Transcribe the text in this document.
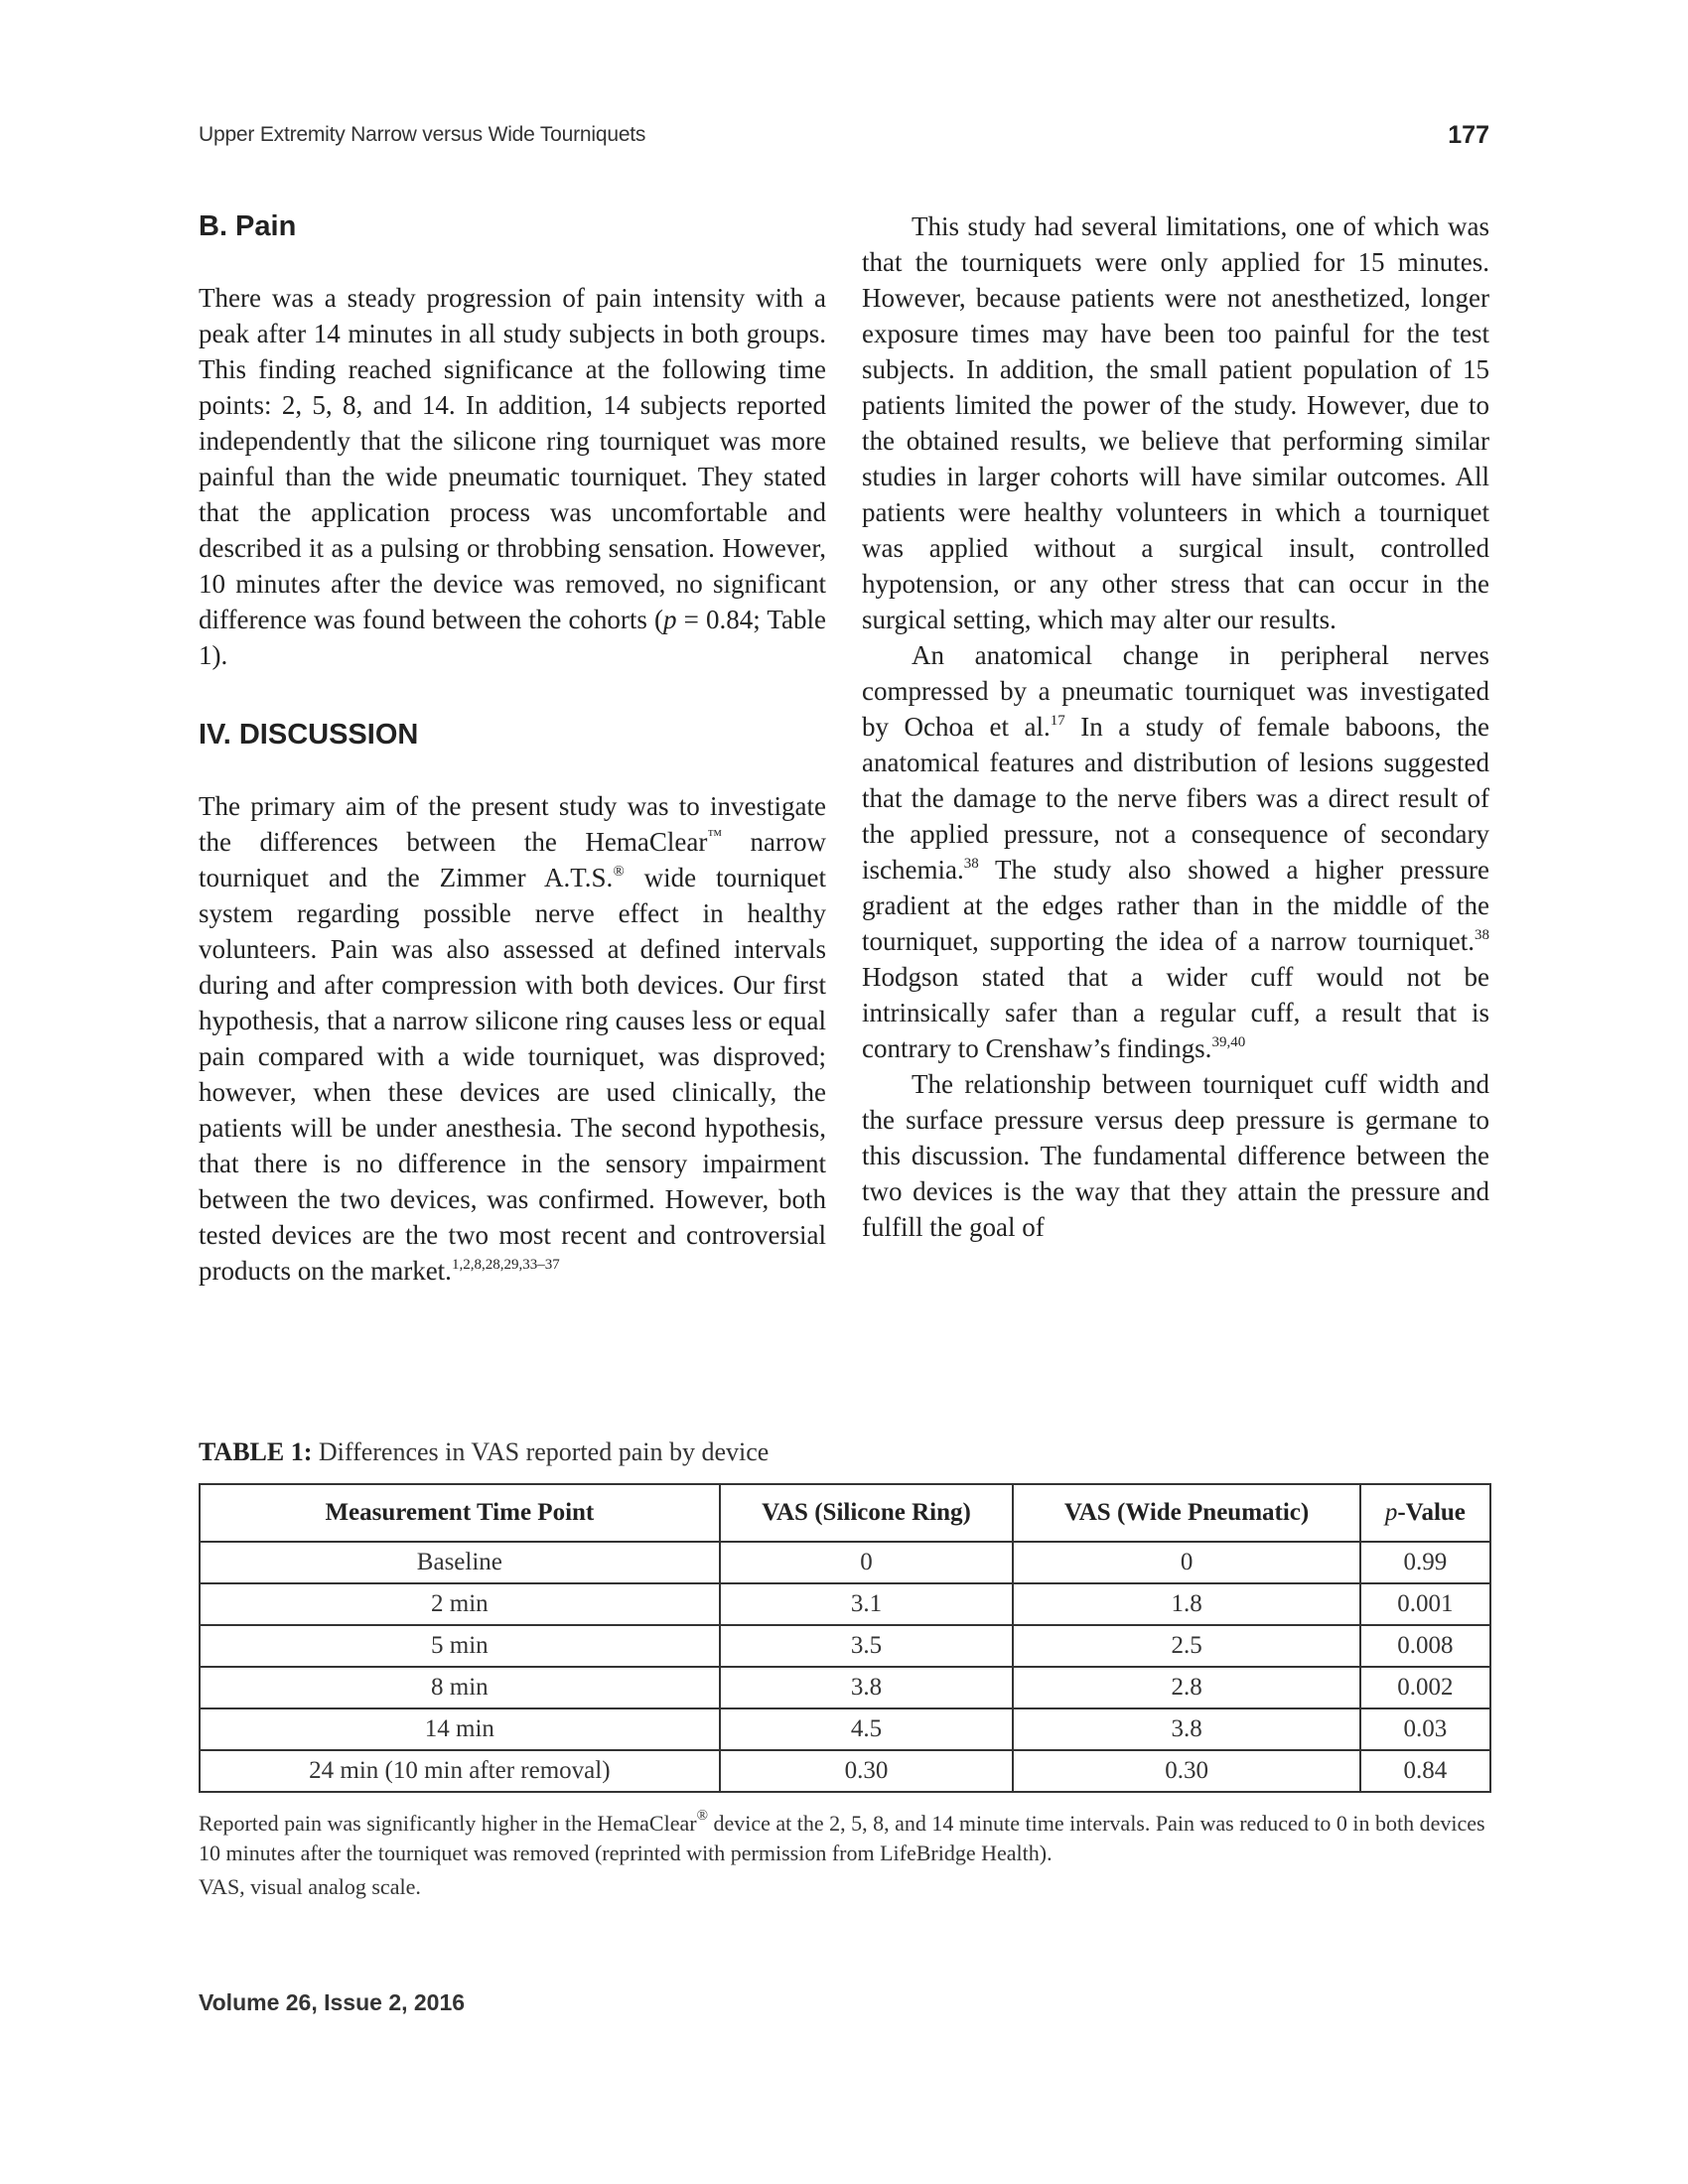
Upper Extremity Narrow versus Wide Tourniquets	177
B. Pain

There was a steady progression of pain intensity with a peak after 14 minutes in all study subjects in both groups. This finding reached significance at the following time points: 2, 5, 8, and 14. In addition, 14 subjects reported independently that the silicone ring tourniquet was more painful than the wide pneumatic tourniquet. They stated that the application process was uncomfortable and described it as a pulsing or throbbing sensation. However, 10 minutes after the device was removed, no significant difference was found between the cohorts (p = 0.84; Table 1).

IV. DISCUSSION

The primary aim of the present study was to investigate the differences between the HemaClear™ narrow tourniquet and the Zimmer A.T.S.® wide tourniquet system regarding possible nerve effect in healthy volunteers. Pain was also assessed at defined intervals during and after compression with both devices. Our first hypothesis, that a narrow silicone ring causes less or equal pain compared with a wide tourniquet, was disproved; however, when these devices are used clinically, the patients will be under anesthesia. The second hypothesis, that there is no difference in the sensory impairment between the two devices, was confirmed. However, both tested devices are the two most recent and controversial products on the market.$^{1,2,8,28,29,33-37}$

This study had several limitations, one of which was that the tourniquets were only applied for 15 minutes. However, because patients were not anesthetized, longer exposure times may have been too painful for the test subjects. In addition, the small patient population of 15 patients limited the power of the study. However, due to the obtained results, we believe that performing similar studies in larger cohorts will have similar outcomes. All patients were healthy volunteers in which a tourniquet was applied without a surgical insult, controlled hypotension, or any other stress that can occur in the surgical setting, which may alter our results.

An anatomical change in peripheral nerves compressed by a pneumatic tourniquet was investigated by Ochoa et al.$^{17}$ In a study of female baboons, the anatomical features and distribution of lesions suggested that the damage to the nerve fibers was a direct result of the applied pressure, not a consequence of secondary ischemia.$^{38}$ The study also showed a higher pressure gradient at the edges rather than in the middle of the tourniquet, supporting the idea of a narrow tourniquet.$^{38}$ Hodgson stated that a wider cuff would not be intrinsically safer than a regular cuff, a result that is contrary to Crenshaw’s findings.$^{39,40}$

The relationship between tourniquet cuff width and the surface pressure versus deep pressure is germane to this discussion. The fundamental difference between the two devices is the way that they attain the pressure and fulfill the goal of

TABLE 1: Differences in VAS reported pain by device
Measurement Time Point	VAS (Silicone Ring)	VAS (Wide Pneumatic)	p-Value
Baseline	0	0	0.99
2 min	3.1	1.8	0.001
5 min	3.5	2.5	0.008
8 min	3.8	2.8	0.002
14 min	4.5	3.8	0.03
24 min (10 min after removal)	0.30	0.30	0.84

Reported pain was significantly higher in the HemaClear® device at the 2, 5, 8, and 14 minute time intervals. Pain was reduced to 0 in both devices 10 minutes after the tourniquet was removed (reprinted with permission from LifeBridge Health).

VAS, visual analog scale.

Volume 26, Issue 2, 2016
